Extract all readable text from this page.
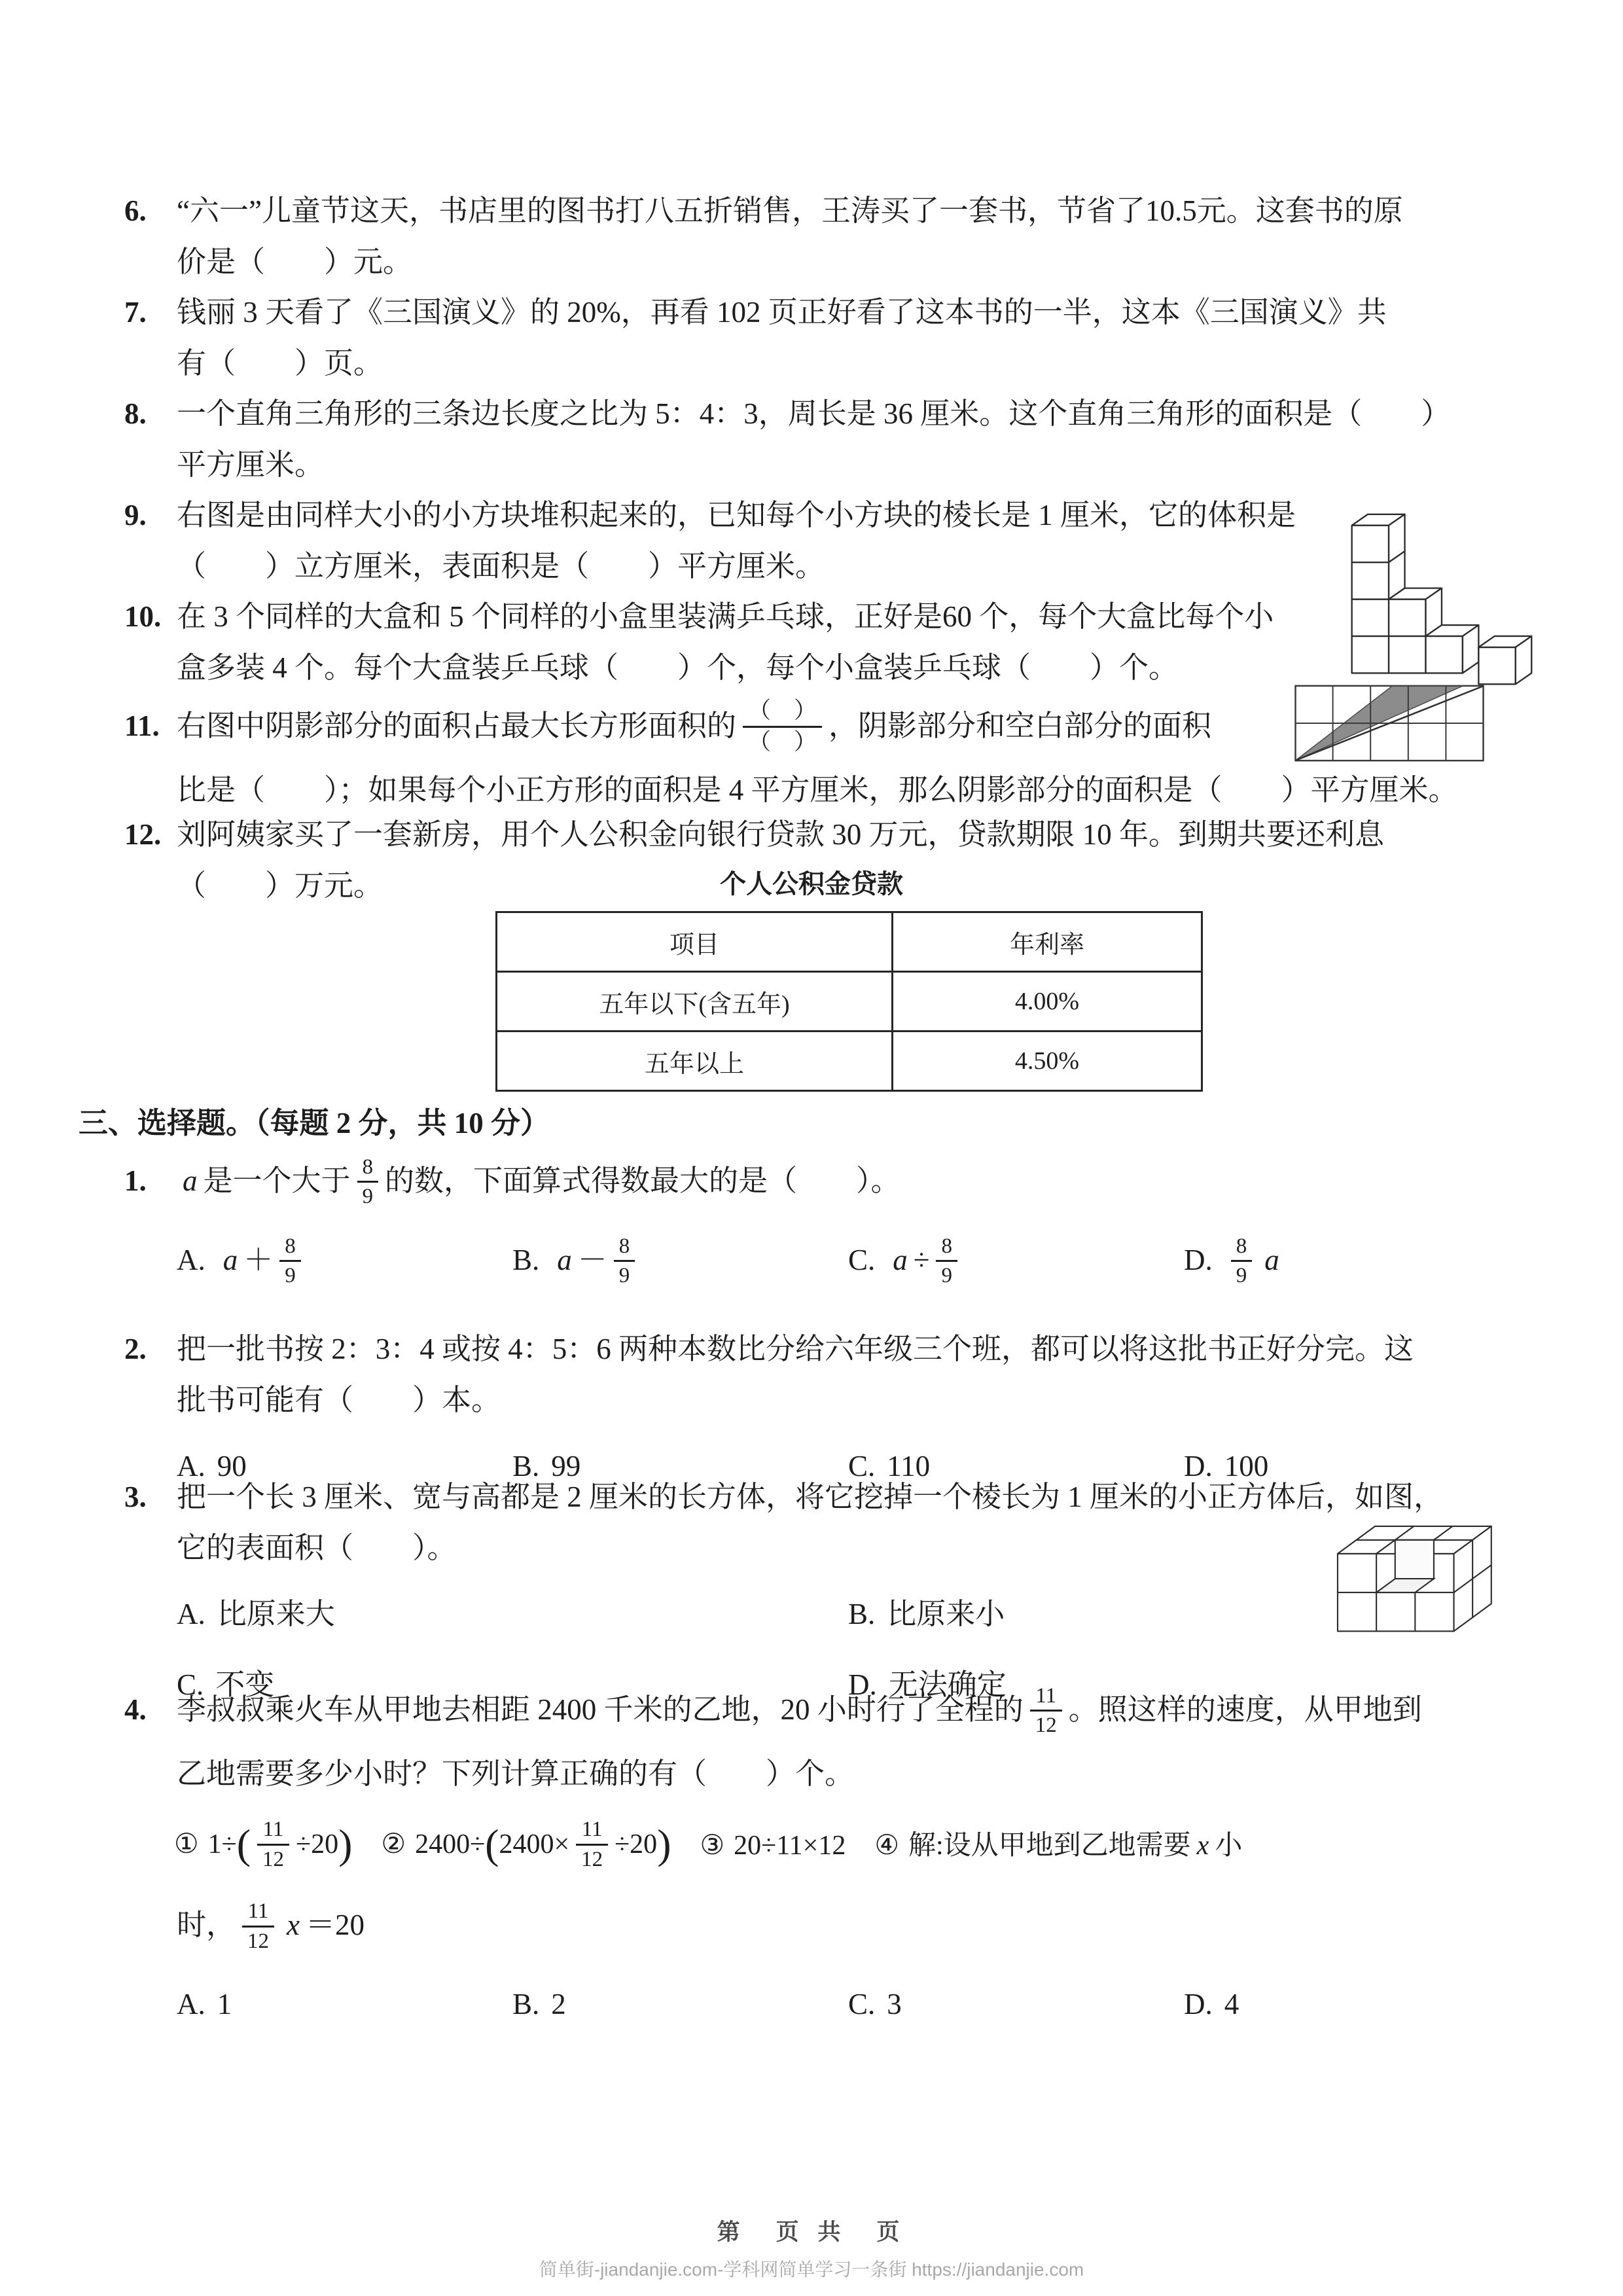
6. “六一”儿童节这天，书店里的图书打八五折销售，王涛买了一套书，节省了10.5元。这套书的原
价是（　　）元。
7. 钱丽 3 天看了《三国演义》的 20%，再看 102 页正好看了这本书的一半，这本《三国演义》共
有（　　）页。
8. 一个直角三角形的三条边长度之比为 5：4：3，周长是 36 厘米。这个直角三角形的面积是（　　）
平方厘米。
9. 右图是由同样大小的小方块堆积起来的，已知每个小方块的棱长是 1 厘米，它的体积是
（　　）立方厘米，表面积是（　　）平方厘米。
10. 在 3 个同样的大盒和 5 个同样的小盒里装满乒乓球，正好是60 个，每个大盒比每个小
盒多装 4 个。每个大盒装乒乓球（　　）个，每个小盒装乒乓球（　　）个。
11. 右图中阴影部分的面积占最大长方形面积的 $\frac{( )}{( )}$ ，阴影部分和空白部分的面积
比是（　　）；如果每个小正方形的面积是 4 平方厘米，那么阴影部分的面积是（　　）平方厘米。
12. 刘阿姨家买了一套新房，用个人公积金向银行贷款 30 万元，贷款期限 10 年。到期共要还利息
（　　）万元。	个人公积金贷款
项目	年利率
五年以下(含五年)	4.00%
五年以上	4.50%
三、选择题。（每题 2 分，共 10 分）
1. a 是一个大于 $\frac{8}{9}$ 的数，下面算式得数最大的是（　　）。
A. $a + \frac{8}{9}$	B. $a - \frac{8}{9}$	C. $a \div \frac{8}{9}$	D. $\frac{8}{9}$ a
2. 把一批书按 2：3：4 或按 4：5：6 两种本数比分给六年级三个班，都可以将这批书正好分完。这
批书可能有（　　）本。
A. 90	B. 99	C. 110	D. 100
3. 把一个长 3 厘米、宽与高都是 2 厘米的长方体，将它挖掉一个棱长为 1 厘米的小正方体后，如图，
它的表面积（　　）。
A. 比原来大	B. 比原来小
C. 不变	D. 无法确定
4. 李叔叔乘火车从甲地去相距 2400 千米的乙地，20 小时行了全程的 $\frac{11}{12}$ 。照这样的速度，从甲地到
乙地需要多少小时？下列计算正确的有（　　）个。
① $1\div( \frac{11}{12} \div 20)$ ② $2400\div(2400\times \frac{11}{12} \div 20)$ ③ 20÷11×12 ④ 解:设从甲地到乙地需要 x 小
时， $\frac{11}{12}$ x ＝20
A. 1	B. 2	C. 3	D. 4
第　页 共　页
简单街-jiandanjie.com-学科网简单学习一条街 https://jiandanjie.com
